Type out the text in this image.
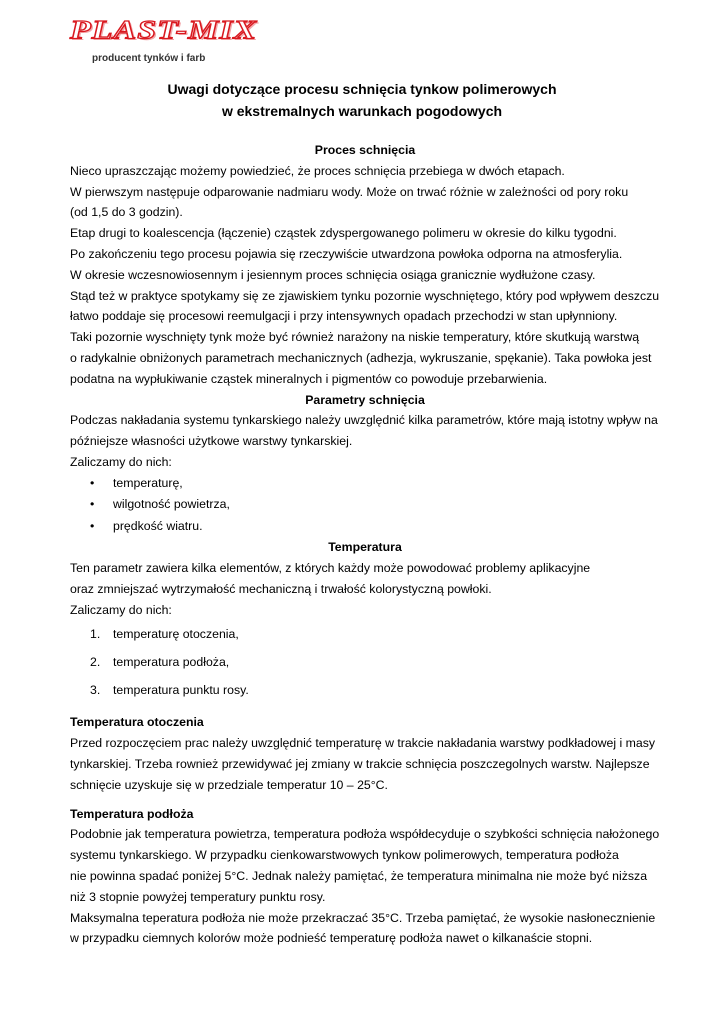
PLAST-MIX
producent tynków i farb
Uwagi dotyczące procesu schnięcia tynkow polimerowych
w ekstremalnych warunkach pogodowych
Proces schnięcia
Nieco upraszczając możemy powiedzieć, że proces schnięcia przebiega w dwóch etapach.
W pierwszym następuje odparowanie nadmiaru wody. Może on trwać różnie w zależności od pory roku
(od 1,5 do 3 godzin).
Etap drugi to koalescencja (łączenie) cząstek zdyspergowanego polimeru w okresie do kilku tygodni.
Po zakończeniu tego procesu pojawia się rzeczywiście utwardzona powłoka odporna na atmosferylia.
W okresie wczesnowiosennym i jesiennym proces schnięcia osiąga granicznie wydłużone czasy.
Stąd też w praktyce spotykamy się ze zjawiskiem tynku pozornie wyschniętego, który pod wpływem deszczu
łatwo poddaje się procesowi reemulgacji i przy intensywnych opadach przechodzi w stan upłynniony.
Taki pozornie wyschnięty tynk może być również narażony na niskie temperatury, które skutkują warstwą
o radykalnie obniżonych parametrach mechanicznych (adhezja, wykruszanie, spękanie). Taka powłoka jest
podatna na wypłukiwanie cząstek mineralnych i pigmentów co powoduje przebarwienia.
Parametry schnięcia
Podczas nakładania systemu tynkarskiego należy uwzględnić kilka parametrów, które mają istotny wpływ na
późniejsze własności użytkowe warstwy tynkarskiej.
Zaliczamy do nich:
• temperaturę,
• wilgotność powietrza,
• prędkość wiatru.
Temperatura
Ten parametr zawiera kilka elementów, z których każdy może powodować problemy aplikacyjne
oraz zmniejszać wytrzymałość mechaniczną i trwałość kolorystyczną powłoki.
Zaliczamy do nich:
1. temperaturę otoczenia,
2. temperatura podłoża,
3. temperatura punktu rosy.
Temperatura otoczenia
Przed rozpoczęciem prac należy uwzględnić temperaturę w trakcie nakładania warstwy podkładowej i masy
tynkarskiej. Trzeba rownież przewidywać jej zmiany w trakcie schnięcia poszczegolnych warstw. Najlepsze
schnięcie uzyskuje się w przedziale temperatur 10 – 25°C.
Temperatura podłoża
Podobnie jak temperatura powietrza, temperatura podłoża współdecyduje o szybkości schnięcia nałożonego
systemu tynkarskiego. W przypadku cienkowarstwowych tynkow polimerowych, temperatura podłoża
nie powinna spadać poniżej 5°C. Jednak należy pamiętać, że temperatura minimalna nie może być niższa
niż 3 stopnie powyżej temperatury punktu rosy.
Maksymalna teperatura podłoża nie może przekraczać 35°C. Trzeba pamiętać, że wysokie nasłonecznienie
w przypadku ciemnych kolorów może podnieść temperaturę podłoża nawet o kilkanaście stopni.
